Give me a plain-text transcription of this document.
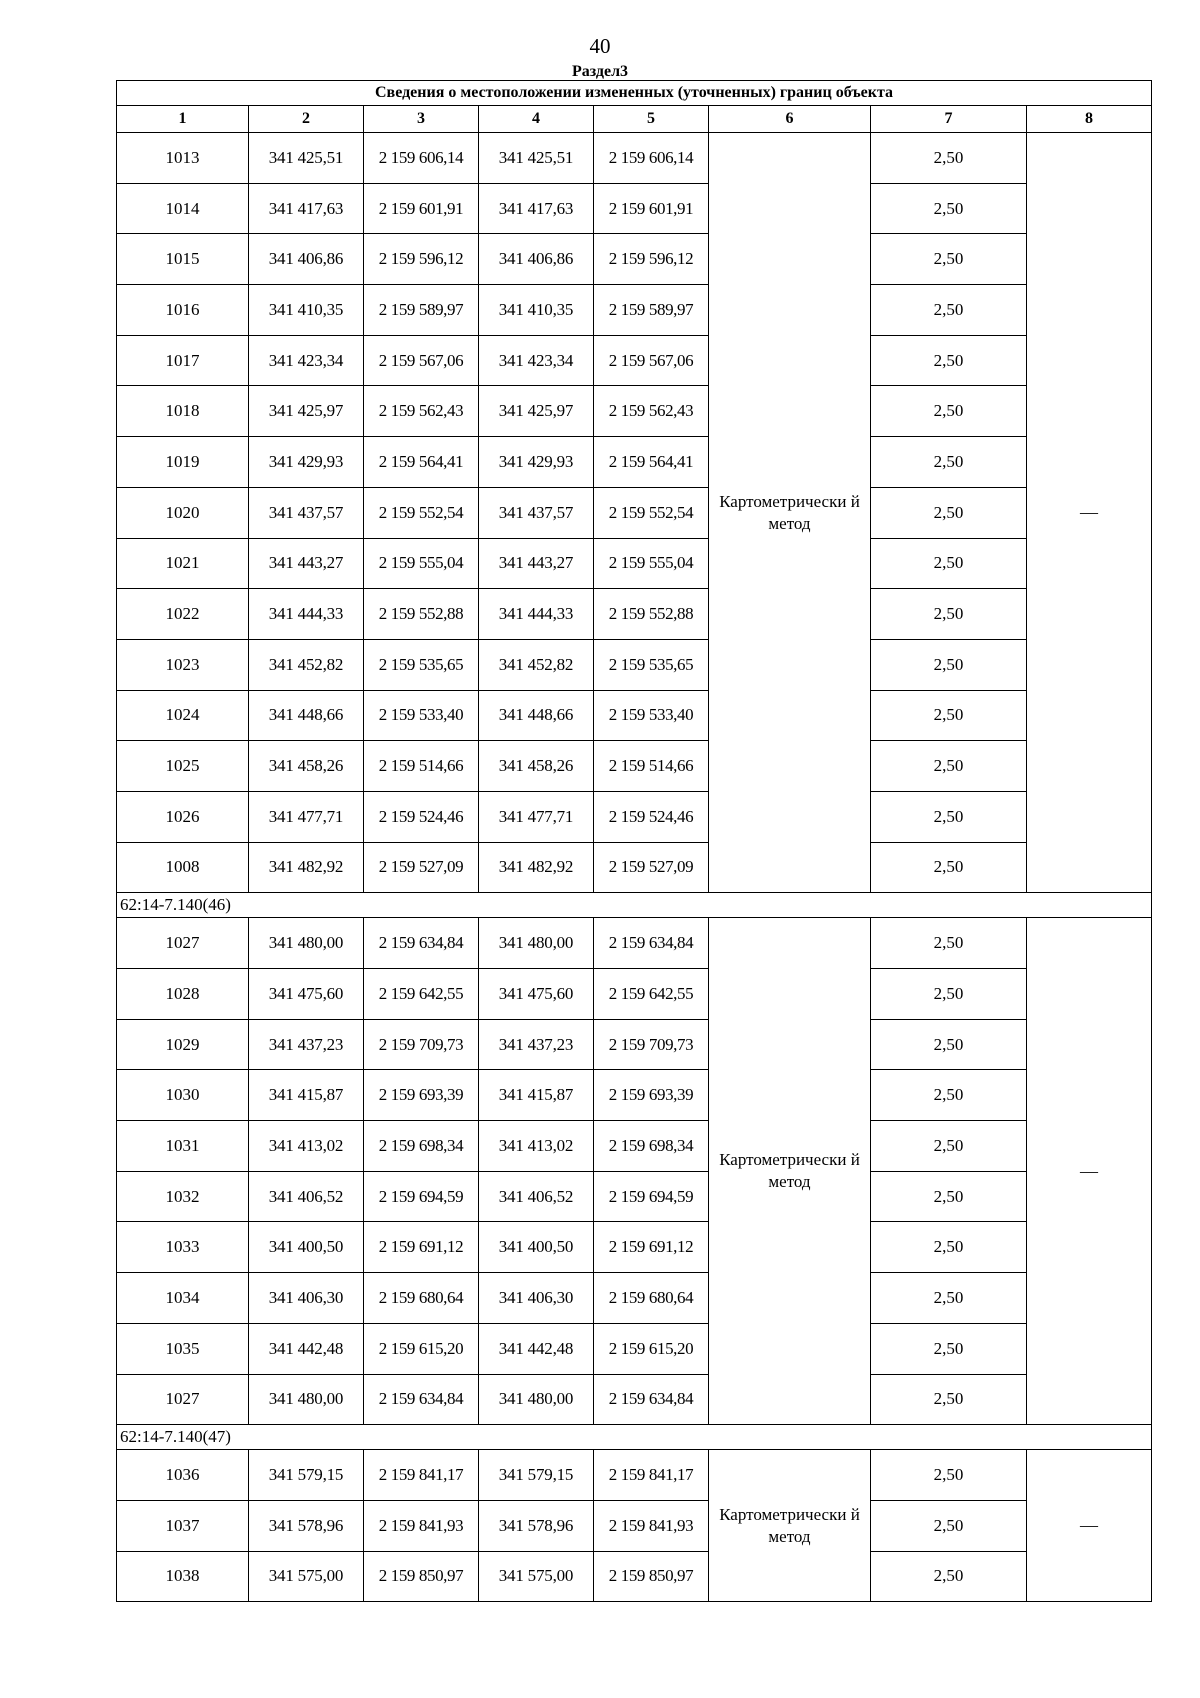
40
Раздел3
Сведения о местоположении измененных (уточненных) границ объекта							
1	2	3	4	5	6	7	8
1013	341 425,51	2 159 606,14	341 425,51	2 159 606,14	Картометрически й метод	2,50	—
1014	341 417,63	2 159 601,91	341 417,63	2 159 601,91		2,50	
1015	341 406,86	2 159 596,12	341 406,86	2 159 596,12		2,50	
1016	341 410,35	2 159 589,97	341 410,35	2 159 589,97		2,50	
1017	341 423,34	2 159 567,06	341 423,34	2 159 567,06		2,50	
1018	341 425,97	2 159 562,43	341 425,97	2 159 562,43		2,50	
1019	341 429,93	2 159 564,41	341 429,93	2 159 564,41		2,50	
1020	341 437,57	2 159 552,54	341 437,57	2 159 552,54		2,50	
1021	341 443,27	2 159 555,04	341 443,27	2 159 555,04		2,50	
1022	341 444,33	2 159 552,88	341 444,33	2 159 552,88		2,50	
1023	341 452,82	2 159 535,65	341 452,82	2 159 535,65		2,50	
1024	341 448,66	2 159 533,40	341 448,66	2 159 533,40		2,50	
1025	341 458,26	2 159 514,66	341 458,26	2 159 514,66		2,50	
1026	341 477,71	2 159 524,46	341 477,71	2 159 524,46		2,50	
1008	341 482,92	2 159 527,09	341 482,92	2 159 527,09		2,50	
62:14-7.140(46)							
1027	341 480,00	2 159 634,84	341 480,00	2 159 634,84	Картометрически й метод	2,50	—
1028	341 475,60	2 159 642,55	341 475,60	2 159 642,55		2,50	
1029	341 437,23	2 159 709,73	341 437,23	2 159 709,73		2,50	
1030	341 415,87	2 159 693,39	341 415,87	2 159 693,39		2,50	
1031	341 413,02	2 159 698,34	341 413,02	2 159 698,34		2,50	
1032	341 406,52	2 159 694,59	341 406,52	2 159 694,59		2,50	
1033	341 400,50	2 159 691,12	341 400,50	2 159 691,12		2,50	
1034	341 406,30	2 159 680,64	341 406,30	2 159 680,64		2,50	
1035	341 442,48	2 159 615,20	341 442,48	2 159 615,20		2,50	
1027	341 480,00	2 159 634,84	341 480,00	2 159 634,84		2,50	
62:14-7.140(47)							
1036	341 579,15	2 159 841,17	341 579,15	2 159 841,17	Картометрически й метод	2,50	—
1037	341 578,96	2 159 841,93	341 578,96	2 159 841,93		2,50	
1038	341 575,00	2 159 850,97	341 575,00	2 159 850,97		2,50	
